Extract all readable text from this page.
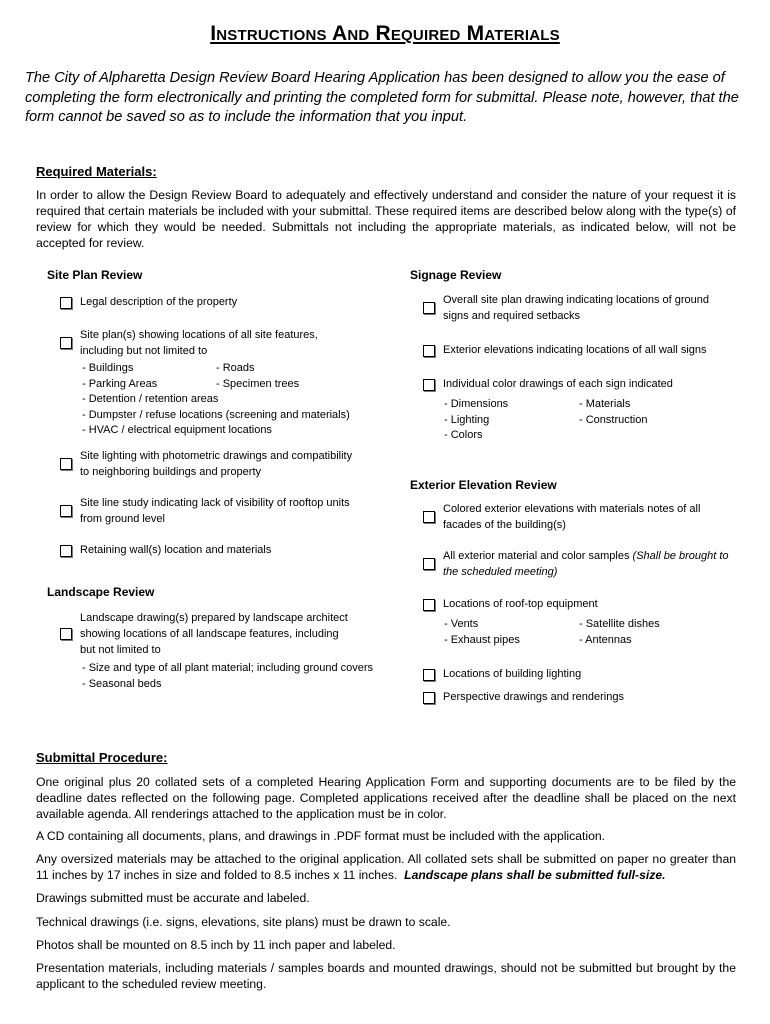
Instructions And Required Materials
The City of Alpharetta Design Review Board Hearing Application has been designed to allow you the ease of completing the form electronically and printing the completed form for submittal. Please note, however, that the form cannot be saved so as to include the information that you input.
Required Materials:
In order to allow the Design Review Board to adequately and effectively understand and consider the nature of your request it is required that certain materials be included with your submittal. These required items are described below along with the type(s) of review for which they would be needed. Submittals not including the appropriate materials, as indicated below, will not be accepted for review.
Site Plan Review
Legal description of the property
Site plan(s) showing locations of all site features, including but not limited to
- Buildings
- Parking Areas
- Roads
- Specimen trees
- Detention / retention areas
- Dumpster / refuse locations (screening and materials)
- HVAC / electrical equipment locations
Site lighting with photometric drawings and compatibility to neighboring buildings and property
Site line study indicating lack of visibility of rooftop units from ground level
Retaining wall(s) location and materials
Landscape Review
Landscape drawing(s) prepared by landscape architect showing locations of all landscape features, including but not limited to
- Size and type of all plant material; including ground covers
- Seasonal beds
Signage Review
Overall site plan drawing indicating locations of ground signs and required setbacks
Exterior elevations indicating locations of all wall signs
Individual color drawings of each sign indicated
- Dimensions
- Lighting
- Colors
- Materials
- Construction
Exterior Elevation Review
Colored exterior elevations with materials notes of all facades of the building(s)
All exterior material and color samples (Shall be brought to the scheduled meeting)
Locations of roof-top equipment
- Vents
- Exhaust pipes
- Satellite dishes
- Antennas
Locations of building lighting
Perspective drawings and renderings
Submittal Procedure:
One original plus 20 collated sets of a completed Hearing Application Form and supporting documents are to be filed by the deadline dates reflected on the following page. Completed applications received after the deadline shall be placed on the next available agenda. All renderings attached to the application must be in color.
A CD containing all documents, plans, and drawings in .PDF format must be included with the application.
Any oversized materials may be attached to the original application. All collated sets shall be submitted on paper no greater than 11 inches by 17 inches in size and folded to 8.5 inches x 11 inches. Landscape plans shall be submitted full-size.
Drawings submitted must be accurate and labeled.
Technical drawings (i.e. signs, elevations, site plans) must be drawn to scale.
Photos shall be mounted on 8.5 inch by 11 inch paper and labeled.
Presentation materials, including materials / samples boards and mounted drawings, should not be submitted but brought by the applicant to the scheduled review meeting.
